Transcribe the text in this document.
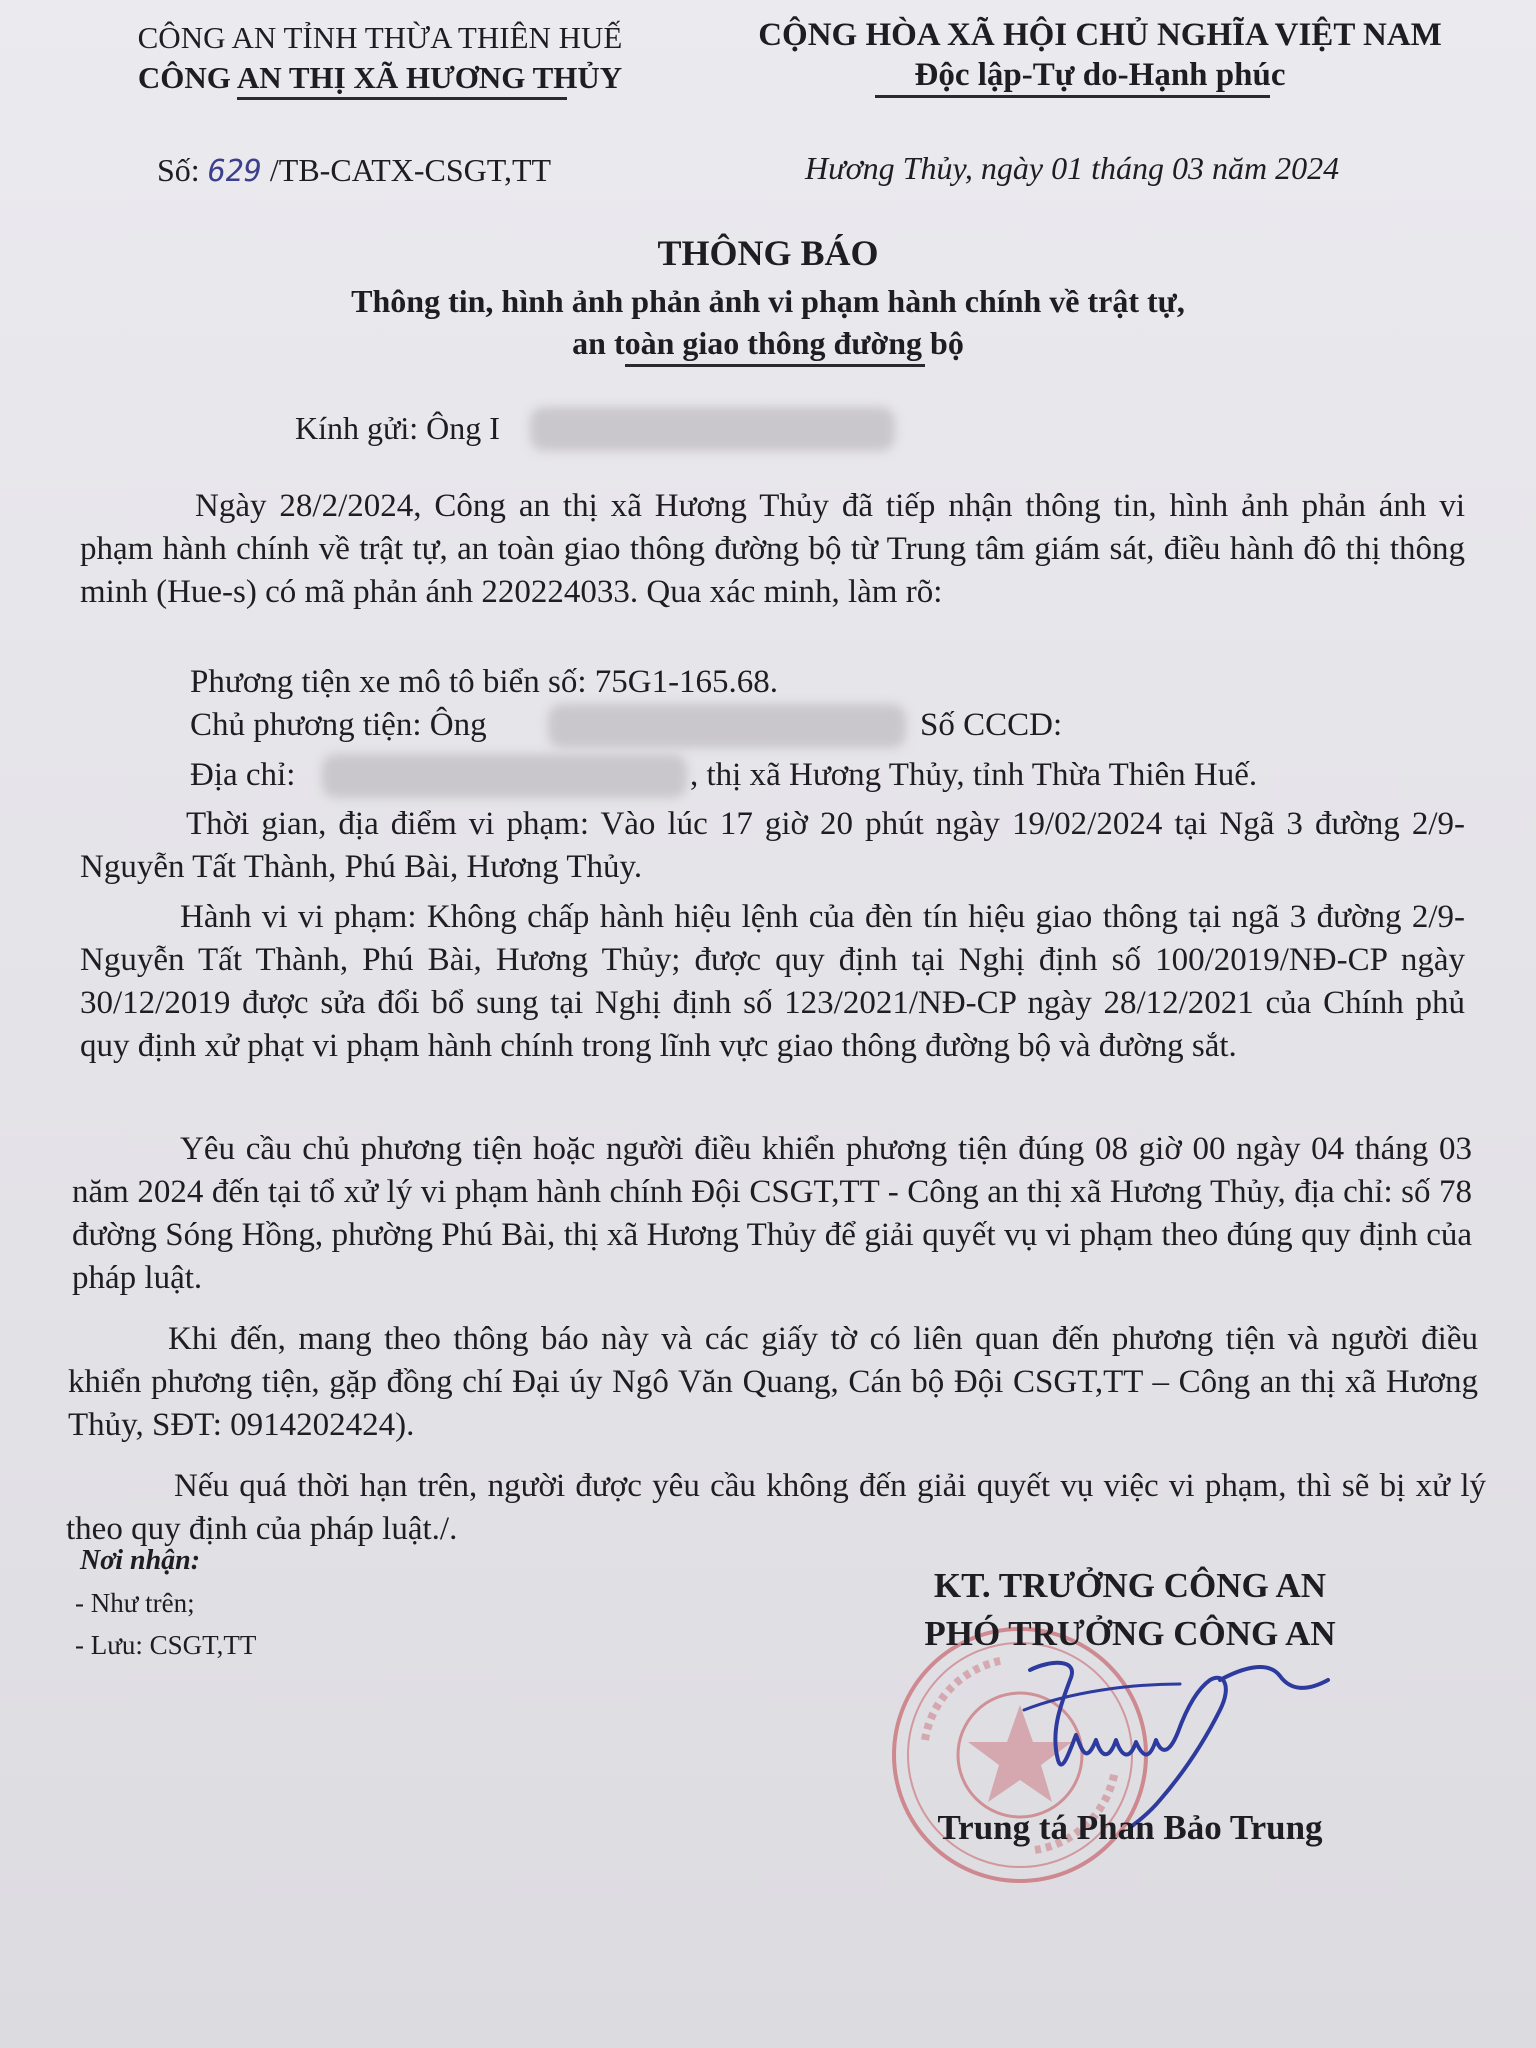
CÔNG AN TỈNH THỪA THIÊN HUẾ
CÔNG AN THỊ XÃ HƯƠNG THỦY
CỘNG HÒA XÃ HỘI CHỦ NGHĨA VIỆT NAM
Độc lập-Tự do-Hạnh phúc
Số: 629 /TB-CATX-CSGT,TT	Hương Thủy, ngày 01 tháng 03 năm 2024
THÔNG BÁO
Thông tin, hình ảnh phản ảnh vi phạm hành chính về trật tự,
an toàn giao thông đường bộ
Kính gửi: Ông I
Ngày 28/2/2024, Công an thị xã Hương Thủy đã tiếp nhận thông tin, hình ảnh phản ánh vi phạm hành chính về trật tự, an toàn giao thông đường bộ từ Trung tâm giám sát, điều hành đô thị thông minh (Hue-s) có mã phản ánh 220224033. Qua xác minh, làm rõ:
Phương tiện xe mô tô biển số: 75G1-165.68.
Chủ phương tiện: Ông	Số CCCD:
Địa chỉ:	, thị xã Hương Thủy, tỉnh Thừa Thiên Huế.
Thời gian, địa điểm vi phạm: Vào lúc 17 giờ 20 phút ngày 19/02/2024 tại Ngã 3 đường 2/9- Nguyễn Tất Thành, Phú Bài, Hương Thủy.
Hành vi vi phạm: Không chấp hành hiệu lệnh của đèn tín hiệu giao thông tại ngã 3 đường 2/9- Nguyễn Tất Thành, Phú Bài, Hương Thủy; được quy định tại Nghị định số 100/2019/NĐ-CP ngày 30/12/2019 được sửa đổi bổ sung tại Nghị định số 123/2021/NĐ-CP ngày 28/12/2021 của Chính phủ quy định xử phạt vi phạm hành chính trong lĩnh vực giao thông đường bộ và đường sắt.
Yêu cầu chủ phương tiện hoặc người điều khiển phương tiện đúng 08 giờ 00 ngày 04 tháng 03 năm 2024 đến tại tổ xử lý vi phạm hành chính Đội CSGT,TT - Công an thị xã Hương Thủy, địa chỉ: số 78 đường Sóng Hồng, phường Phú Bài, thị xã Hương Thủy để giải quyết vụ vi phạm theo đúng quy định của pháp luật.
Khi đến, mang theo thông báo này và các giấy tờ có liên quan đến phương tiện và người điều khiển phương tiện, gặp đồng chí Đại úy Ngô Văn Quang, Cán bộ Đội CSGT,TT – Công an thị xã Hương Thủy, SĐT: 0914202424).
Nếu quá thời hạn trên, người được yêu cầu không đến giải quyết vụ việc vi phạm, thì sẽ bị xử lý theo quy định của pháp luật./.
Nơi nhận:
- Như trên;
- Lưu: CSGT,TT
KT. TRƯỞNG CÔNG AN
PHÓ TRƯỞNG CÔNG AN
Trung tá Phan Bảo Trung
